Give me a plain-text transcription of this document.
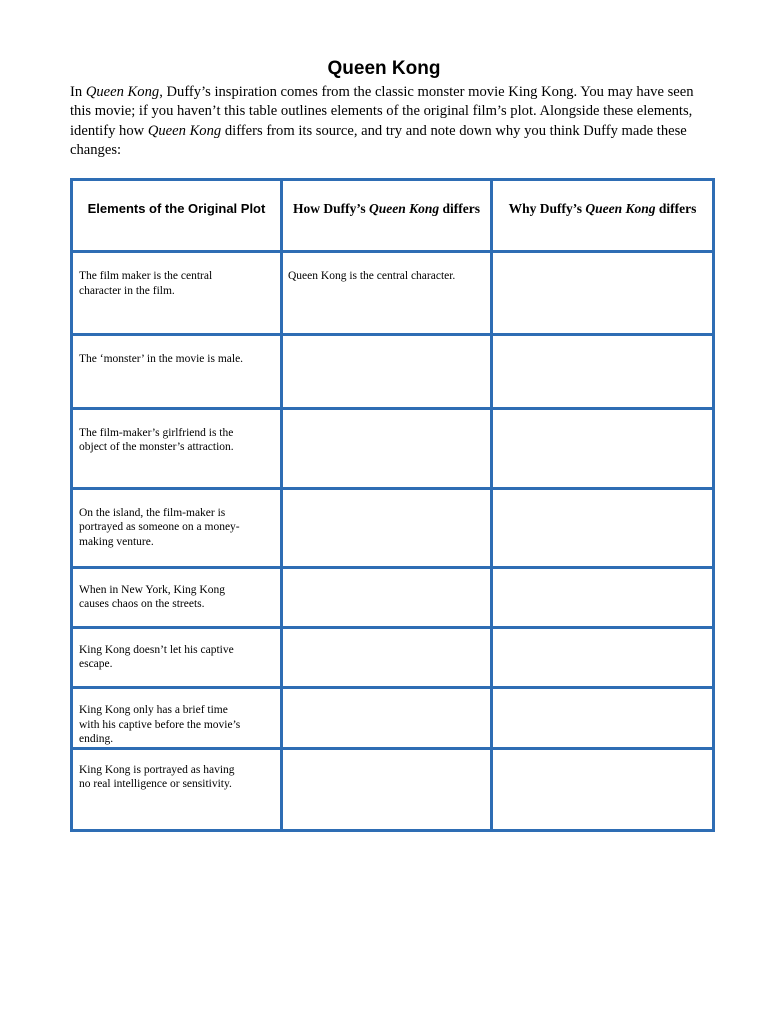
Queen Kong
In Queen Kong, Duffy’s inspiration comes from the classic monster movie King Kong. You may have seen this movie; if you haven’t this table outlines elements of the original film’s plot. Alongside these elements, identify how Queen Kong differs from its source, and try and note down why you think Duffy made these changes:
Elements of the Original Plot	How Duffy’s Queen Kong differs	Why Duffy’s Queen Kong differs
The film maker is the central character in the film.	Queen Kong is the central character.	
The ‘monster’ in the movie is male.		
The film-maker’s girlfriend is the object of the monster’s attraction.		
On the island, the film-maker is portrayed as someone on a money-making venture.		
When in New York, King Kong causes chaos on the streets.		
King Kong doesn’t let his captive escape.		
King Kong only has a brief time with his captive before the movie’s ending.		
King Kong is portrayed as having no real intelligence or sensitivity.		
